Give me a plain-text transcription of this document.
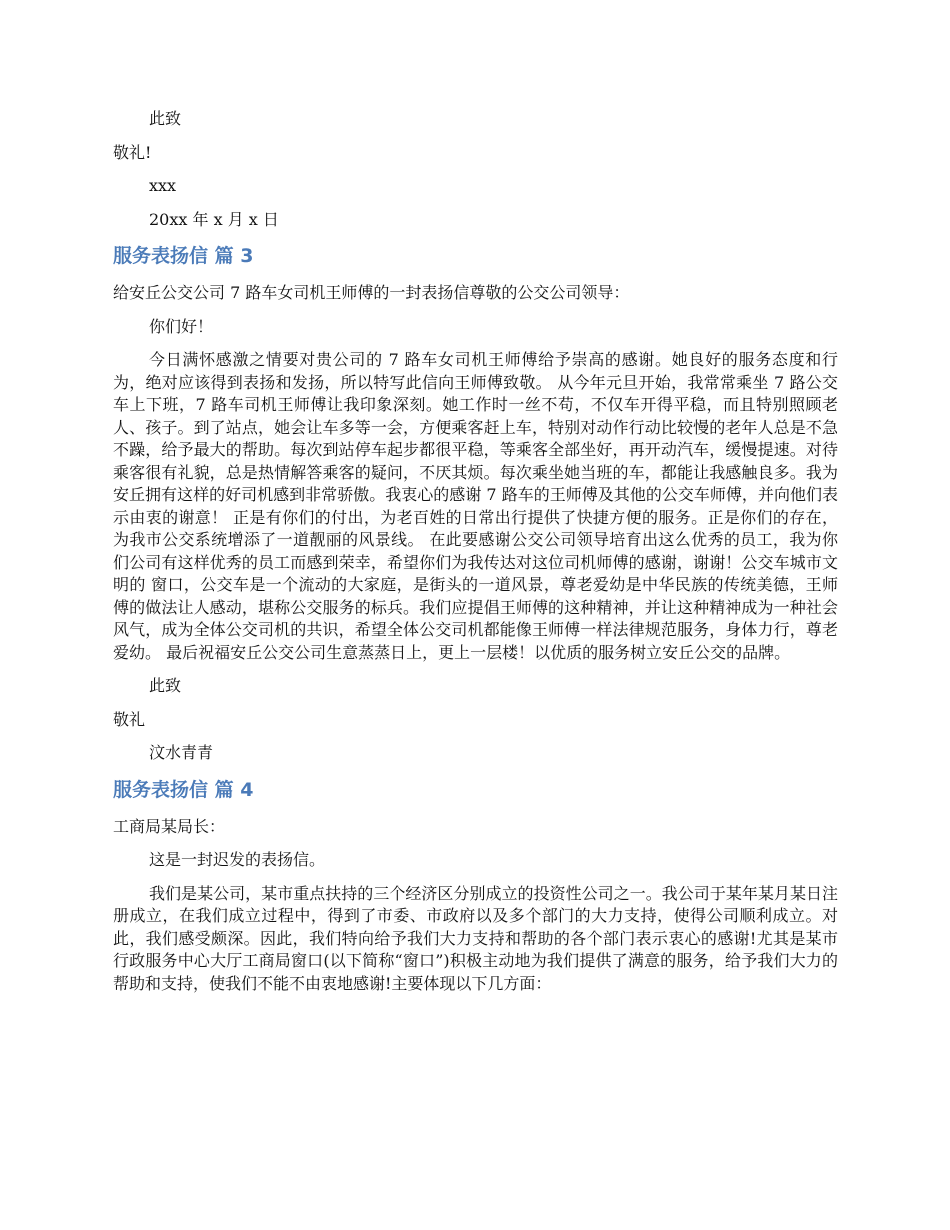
此致

敬礼!

xxx

20xx 年 x 月 x 日

服务表扬信 篇 3

给安丘公交公司 7 路车女司机王师傅的一封表扬信尊敬的公交公司领导：

你们好！

今日满怀感激之情要对贵公司的 7 路车女司机王师傅给予崇高的感谢。她良好的服务态度和行为，绝对应该得到表扬和发扬，所以特写此信向王师傅致敬。 从今年元旦开始，我常常乘坐 7 路公交车上下班，7 路车司机王师傅让我印象深刻。她工作时一丝不苟，不仅车开得平稳，而且特别照顾老人、孩子。到了站点，她会让车多等一会，方便乘客赶上车，特别对动作行动比较慢的老年人总是不急不躁，给予最大的帮助。每次到站停车起步都很平稳，等乘客全部坐好，再开动汽车，缓慢提速。对待乘客很有礼貌，总是热情解答乘客的疑问，不厌其烦。每次乘坐她当班的车，都能让我感触良多。我为安丘拥有这样的好司机感到非常骄傲。我衷心的感谢 7 路车的王师傅及其他的公交车师傅，并向他们表示由衷的谢意！ 正是有你们的付出，为老百姓的日常出行提供了快捷方便的服务。正是你们的存在，为我市公交系统增添了一道靓丽的风景线。 在此要感谢公交公司领导培育出这么优秀的员工，我为你们公司有这样优秀的员工而感到荣幸，希望你们为我传达对这位司机师傅的感谢，谢谢！公交车城市文明的 窗口，公交车是一个流动的大家庭，是街头的一道风景，尊老爱幼是中华民族的传统美德，王师傅的做法让人感动，堪称公交服务的标兵。我们应提倡王师傅的这种精神，并让这种精神成为一种社会风气，成为全体公交司机的共识，希望全体公交司机都能像王师傅一样法律规范服务，身体力行，尊老爱幼。 最后祝福安丘公交公司生意蒸蒸日上，更上一层楼！以优质的服务树立安丘公交的品牌。

此致

敬礼

汶水青青

服务表扬信 篇 4

工商局某局长：

这是一封迟发的表扬信。

我们是某公司，某市重点扶持的三个经济区分别成立的投资性公司之一。我公司于某年某月某日注册成立，在我们成立过程中，得到了市委、市政府以及多个部门的大力支持，使得公司顺利成立。对此，我们感受颇深。因此，我们特向给予我们大力支持和帮助的各个部门表示衷心的感谢!尤其是某市行政服务中心大厅工商局窗口(以下简称“窗口”)积极主动地为我们提供了满意的服务，给予我们大力的帮助和支持，使我们不能不由衷地感谢!主要体现以下几方面：
